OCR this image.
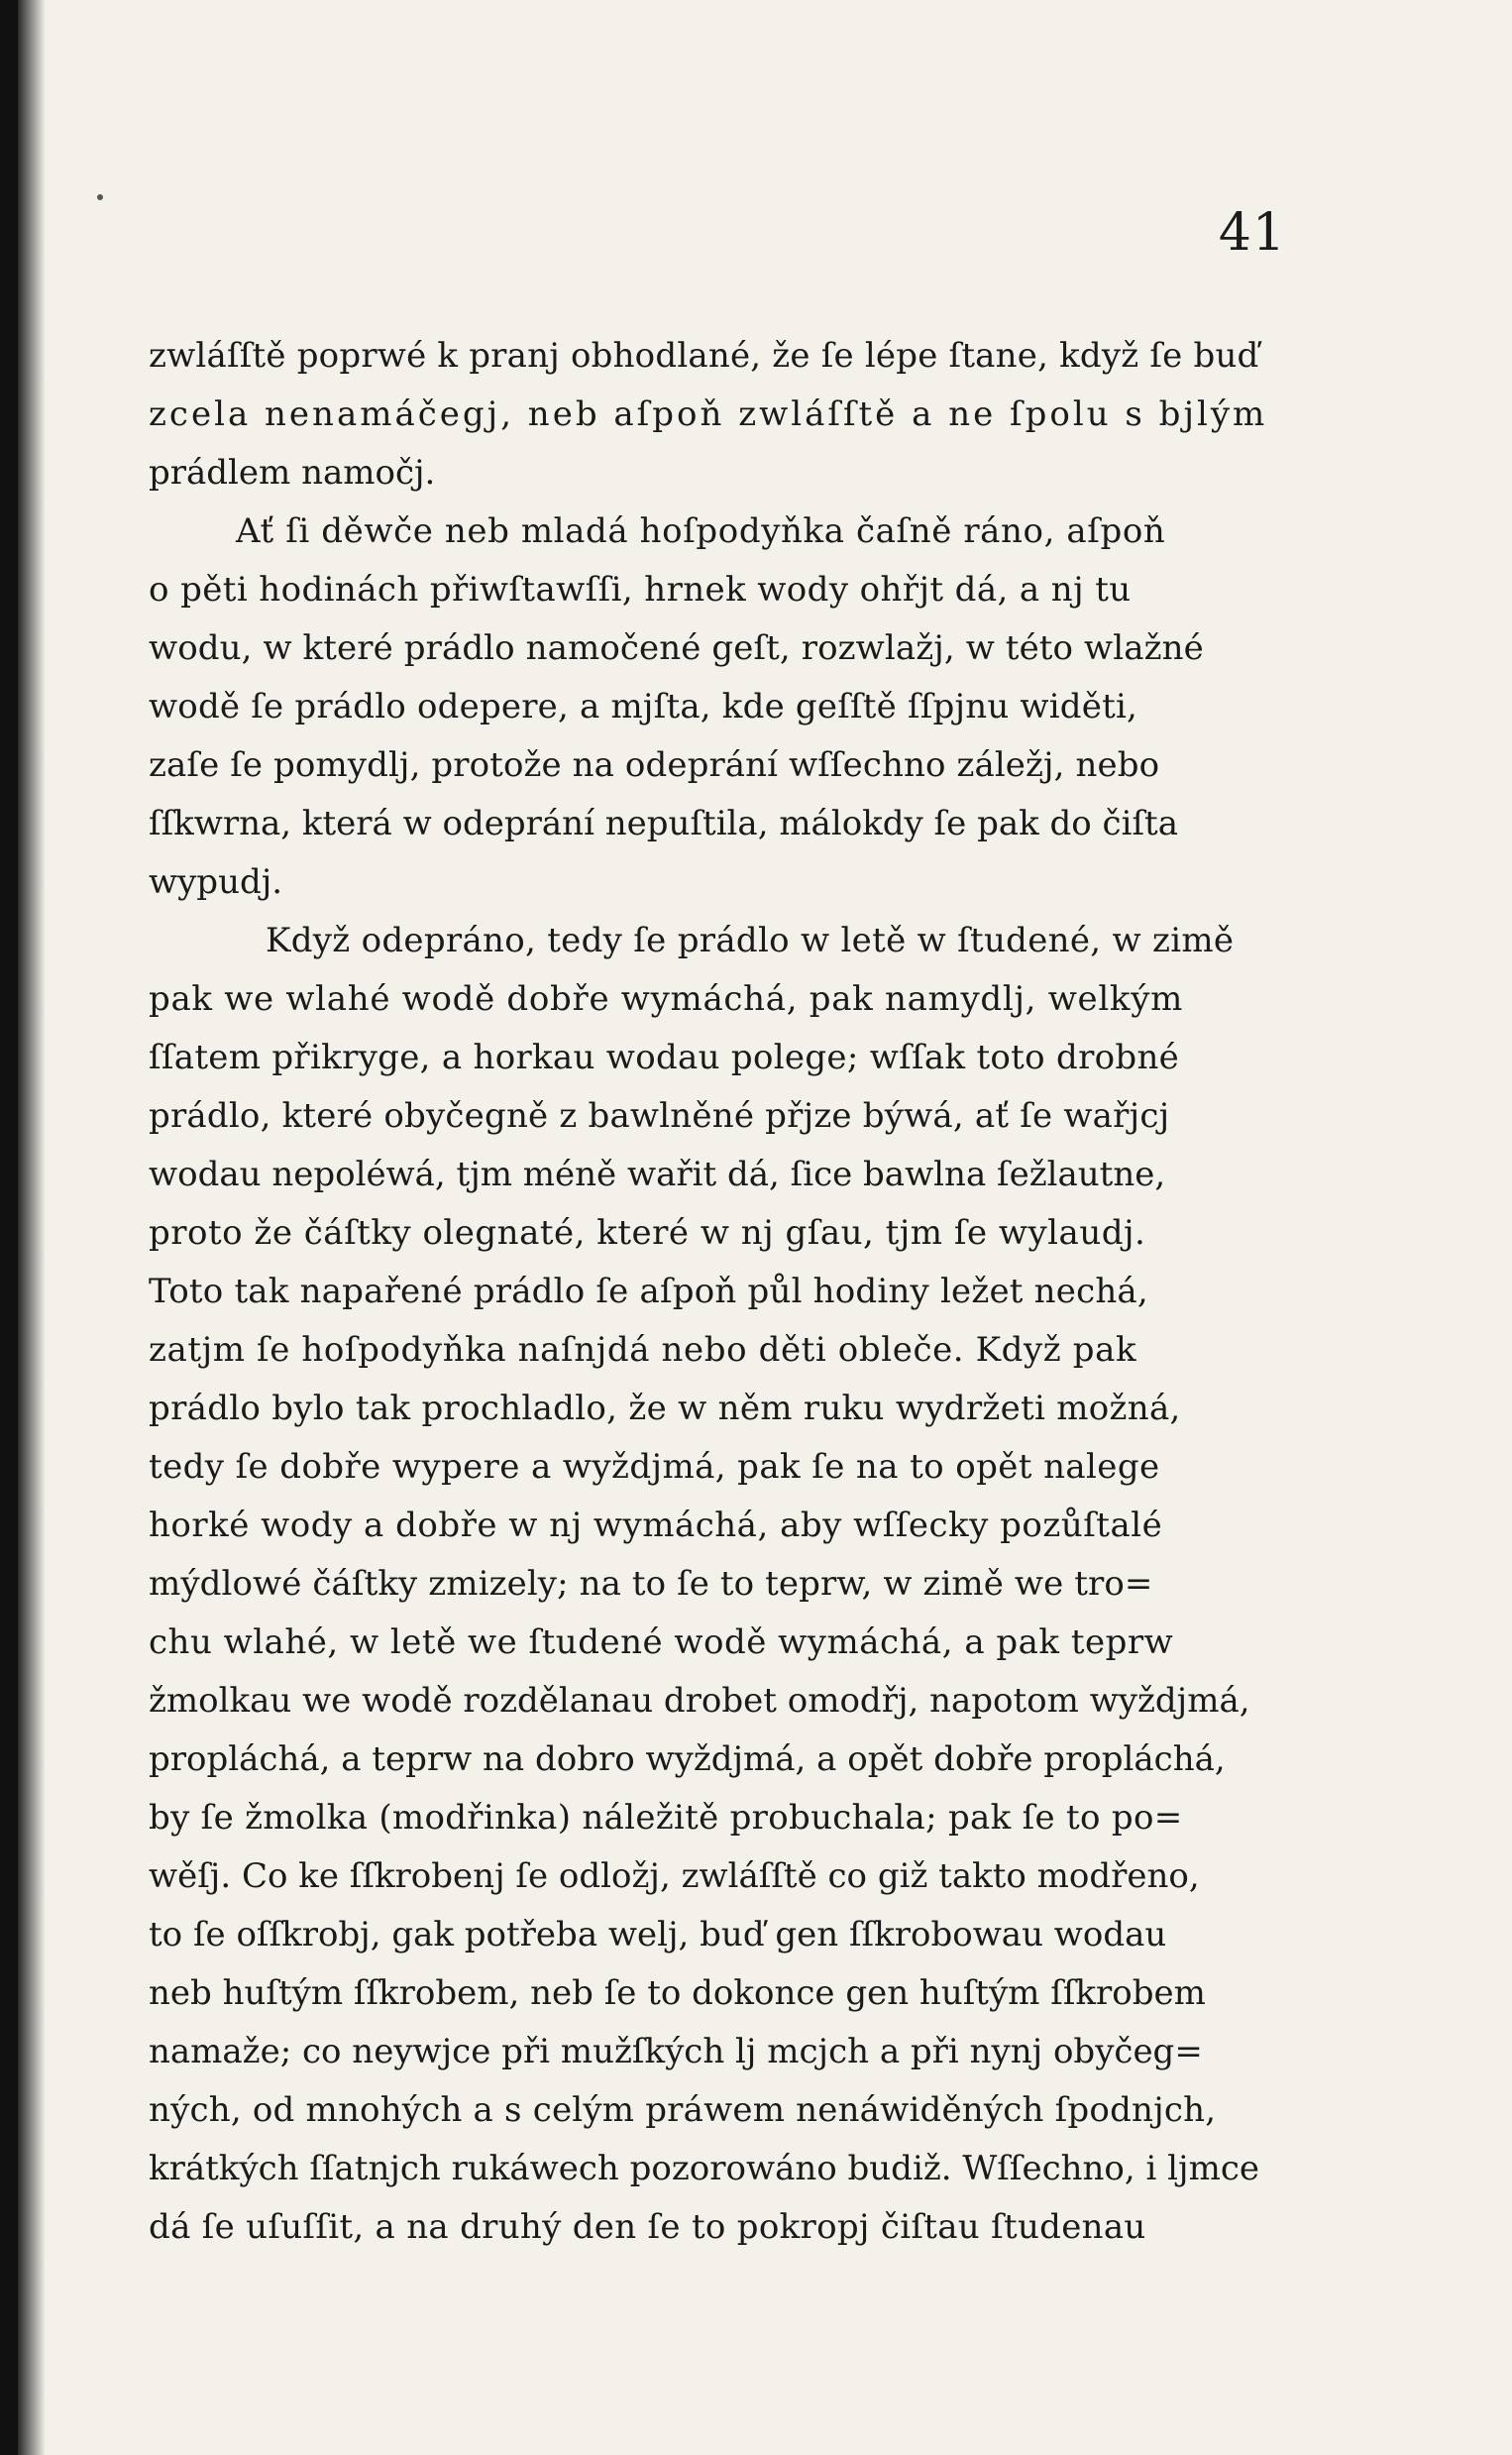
41
zwláſſtě poprwé k pranj obhodlané, že ſe lépe ſtane, když ſe buď
zcela nenamáčegj, neb aſpoň zwláſſtě a ne ſpolu s bjlým
prádlem namočj.
Ať ſi děwče neb mladá hoſpodyňka čaſně ráno, aſpoň
o pěti hodinách přiwſtawſſi, hrnek wody ohřjt dá, a nj tu
wodu, w které prádlo namočené geſt, rozwlažj, w této wlažné
wodě ſe prádlo odepere, a mjſta, kde geſſtě ſſpjnu widěti,
zaſe ſe pomydlj, protože na odeprání wſſechno záležj, nebo
ſſkwrna, která w odeprání nepuſtila, málokdy ſe pak do čiſta
wypudj.
Když odepráno, tedy ſe prádlo w letě w ſtudené, w zimě
pak we wlahé wodě dobře wymáchá, pak namydlj, welkým
ſſatem přikryge, a horkau wodau polege; wſſak toto drobné
prádlo, které obyčegně z bawlněné přjze býwá, ať ſe wařjcj
wodau nepoléwá, tjm méně wařit dá, ſice bawlna ſežlautne,
proto že čáſtky olegnaté, které w nj gſau, tjm ſe wylaudj.
Toto tak napařené prádlo ſe aſpoň půl hodiny ležet nechá,
zatjm ſe hoſpodyňka naſnjdá nebo děti obleče. Když pak
prádlo bylo tak prochladlo, že w něm ruku wydržeti možná,
tedy ſe dobře wypere a wyždjmá, pak ſe na to opět nalege
horké wody a dobře w nj wymáchá, aby wſſecky pozůſtalé
mýdlowé čáſtky zmizely; na to ſe to teprw, w zimě we tro=
chu wlahé, w letě we ſtudené wodě wymáchá, a pak teprw
žmolkau we wodě rozdělanau drobet omodřj, napotom wyždjmá,
propláchá, a teprw na dobro wyždjmá, a opět dobře propláchá,
by ſe žmolka (modřinka) náležitě probuchala; pak ſe to po=
wěſj. Co ke ſſkrobenj ſe odložj, zwláſſtě co giž takto modřeno,
to ſe oſſkrobj, gak potřeba welj, buď gen ſſkrobowau wodau
neb huſtým ſſkrobem, neb ſe to dokonce gen huſtým ſſkrobem
namaže; co neywjce při mužſkých lj mcjch a při nynj obyčeg=
ných, od mnohých a s celým práwem nenáwiděných ſpodnjch,
krátkých ſſatnjch rukáwech pozorowáno budiž. Wſſechno, i ljmce
dá ſe uſuſſit, a na druhý den ſe to pokropj čiſtau ſtudenau
